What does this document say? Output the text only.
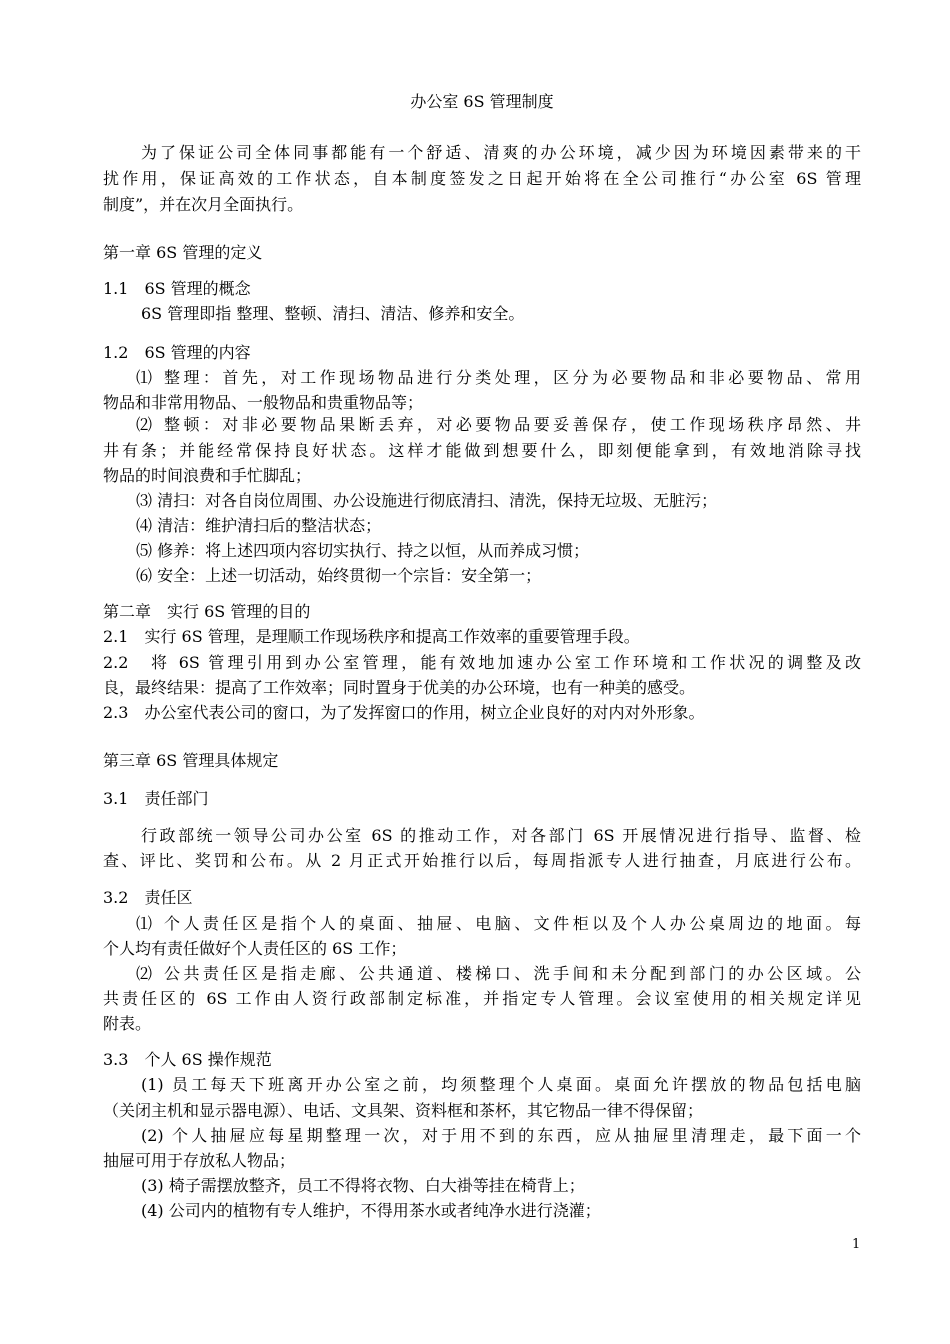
办公室 6S 管理制度
为了保证公司全体同事都能有一个舒适、清爽的办公环境，减少因为环境因素带来的干
扰作用，保证高效的工作状态，自本制度签发之日起开始将在全公司推行“办公室 6S 管理
制度”，并在次月全面执行。
第一章 6S 管理的定义
1.1　6S 管理的概念
6S 管理即指 整理、整顿、清扫、清洁、修养和安全。
1.2　6S 管理的内容
⑴ 整理：首先，对工作现场物品进行分类处理，区分为必要物品和非必要物品、常用
物品和非常用物品、一般物品和贵重物品等；
⑵ 整顿：对非必要物品果断丢弃，对必要物品要妥善保存，使工作现场秩序昂然、井
井有条；并能经常保持良好状态。这样才能做到想要什么，即刻便能拿到，有效地消除寻找
物品的时间浪费和手忙脚乱；
⑶ 清扫：对各自岗位周围、办公设施进行彻底清扫、清洗，保持无垃圾、无脏污；
⑷ 清洁：维护清扫后的整洁状态；
⑸ 修养：将上述四项内容切实执行、持之以恒，从而养成习惯；
⑹ 安全：上述一切活动，始终贯彻一个宗旨：安全第一；
第二章　实行 6S 管理的目的
2.1　实行 6S 管理，是理顺工作现场秩序和提高工作效率的重要管理手段。
2.2　将 6S 管理引用到办公室管理，能有效地加速办公室工作环境和工作状况的调整及改
良，最终结果：提高了工作效率；同时置身于优美的办公环境，也有一种美的感受。
2.3　办公室代表公司的窗口，为了发挥窗口的作用，树立企业良好的对内对外形象。
第三章 6S 管理具体规定
3.1　责任部门
行政部统一领导公司办公室 6S 的推动工作，对各部门 6S 开展情况进行指导、监督、检
查、评比、奖罚和公布。从 2 月正式开始推行以后，每周指派专人进行抽查，月底进行公布。
3.2　责任区
⑴ 个人责任区是指个人的桌面、抽屉、电脑、文件柜以及个人办公桌周边的地面。每
个人均有责任做好个人责任区的 6S 工作；
⑵ 公共责任区是指走廊、公共通道、楼梯口、洗手间和未分配到部门的办公区域。公
共责任区的 6S 工作由人资行政部制定标准，并指定专人管理。会议室使用的相关规定详见
附表。
3.3　个人 6S 操作规范
(1) 员工每天下班离开办公室之前，均须整理个人桌面。桌面允许摆放的物品包括电脑
（关闭主机和显示器电源）、电话、文具架、资料框和茶杯，其它物品一律不得保留；
(2) 个人抽屉应每星期整理一次，对于用不到的东西，应从抽屉里清理走，最下面一个
抽屉可用于存放私人物品；
(3) 椅子需摆放整齐，员工不得将衣物、白大褂等挂在椅背上；
(4) 公司内的植物有专人维护，不得用茶水或者纯净水进行浇灌；
1
